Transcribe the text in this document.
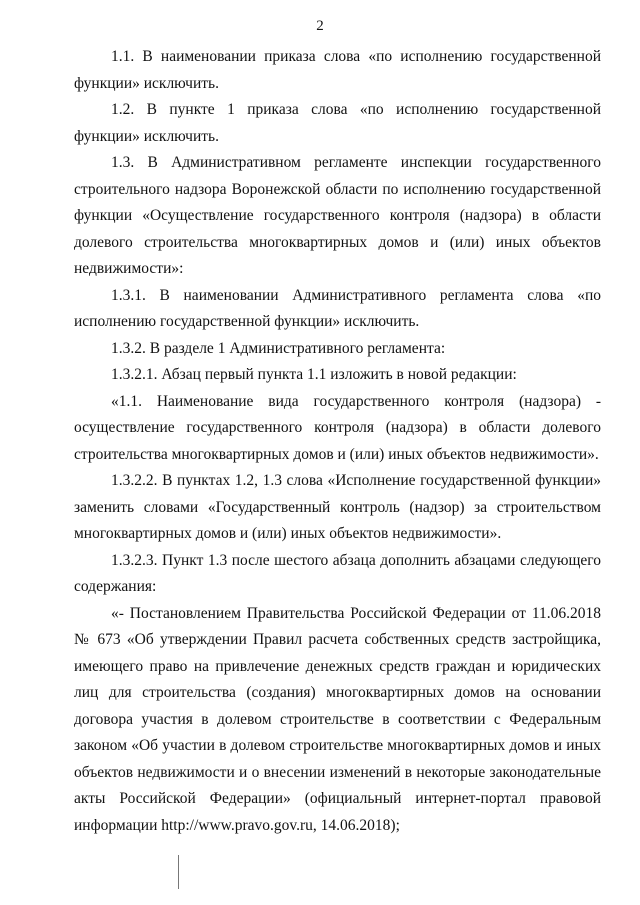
2

1.1. В наименовании приказа слова «по исполнению государственной функции» исключить.

1.2. В пункте 1 приказа слова «по исполнению государственной функции» исключить.

1.3. В Административном регламенте инспекции государственного строительного надзора Воронежской области по исполнению государственной функции «Осуществление государственного контроля (надзора) в области долевого строительства многоквартирных домов и (или) иных объектов недвижимости»:

1.3.1. В наименовании Административного регламента слова «по исполнению государственной функции» исключить.

1.3.2. В разделе 1 Административного регламента:

1.3.2.1. Абзац первый пункта 1.1 изложить в новой редакции:

«1.1. Наименование вида государственного контроля (надзора) - осуществление государственного контроля (надзора) в области долевого строительства многоквартирных домов и (или) иных объектов недвижимости».

1.3.2.2. В пунктах 1.2, 1.3 слова «Исполнение государственной функции» заменить словами «Государственный контроль (надзор) за строительством многоквартирных домов и (или) иных объектов недвижимости».

1.3.2.3. Пункт 1.3 после шестого абзаца дополнить абзацами следующего содержания:

«- Постановлением Правительства Российской Федерации от 11.06.2018 № 673 «Об утверждении Правил расчета собственных средств застройщика, имеющего право на привлечение денежных средств граждан и юридических лиц для строительства (создания) многоквартирных домов на основании договора участия в долевом строительстве в соответствии с Федеральным законом «Об участии в долевом строительстве многоквартирных домов и иных объектов недвижимости и о внесении изменений в некоторые законодательные акты Российской Федерации» (официальный интернет-портал правовой информации http://www.pravo.gov.ru, 14.06.2018);
